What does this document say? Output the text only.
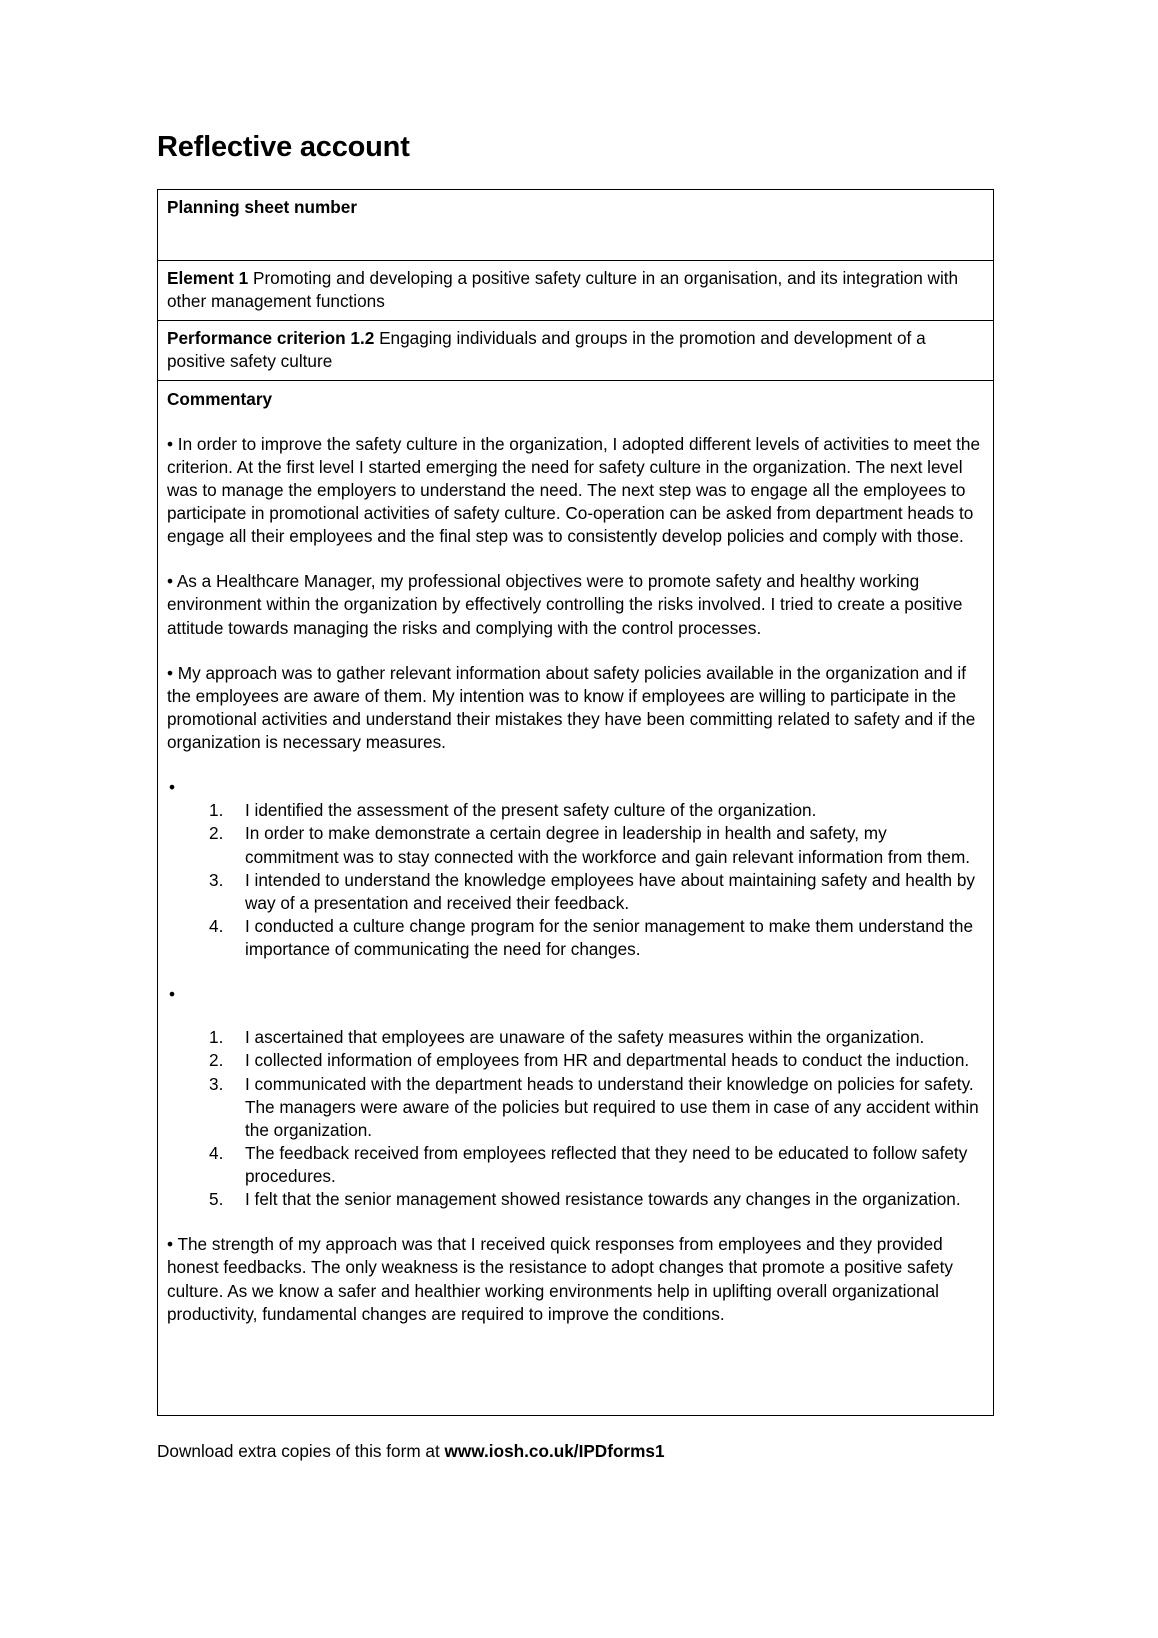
Reflective account
Planning sheet number
Element 1 Promoting and developing a positive safety culture in an organisation, and its integration with other management functions
Performance criterion 1.2 Engaging individuals and groups in the promotion and development of a positive safety culture

Commentary

• In order to improve the safety culture in the organization, I adopted different levels of activities to meet the criterion. At the first level I started emerging the need for safety culture in the organization. The next level was to manage the employers to understand the need. The next step was to engage all the employees to participate in promotional activities of safety culture. Co-operation can be asked from department heads to engage all their employees and the final step was to consistently develop policies and comply with those.

• As a Healthcare Manager, my professional objectives were to promote safety and healthy working environment within the organization by effectively controlling the risks involved. I tried to create a positive attitude towards managing the risks and complying with the control processes.

• My approach was to gather relevant information about safety policies available in the organization and if the employees are aware of them. My intention was to know if employees are willing to participate in the promotional activities and understand their mistakes they have been committing related to safety and if the organization is necessary measures.

•

I identified the assessment of the present safety culture of the organization.
In order to make demonstrate a certain degree in leadership in health and safety, my commitment was to stay connected with the workforce and gain relevant information from them.
I intended to understand the knowledge employees have about maintaining safety and health by way of a presentation and received their feedback.
I conducted a culture change program for the senior management to make them understand the importance of communicating the need for changes.

•

I ascertained that employees are unaware of the safety measures within the organization.
I collected information of employees from HR and departmental heads to conduct the induction.
I communicated with the department heads to understand their knowledge on policies for safety. The managers were aware of the policies but required to use them in case of any accident within the organization.
The feedback received from employees reflected that they need to be educated to follow safety procedures.
I felt that the senior management showed resistance towards any changes in the organization.

• The strength of my approach was that I received quick responses from employees and they provided honest feedbacks. The only weakness is the resistance to adopt changes that promote a positive safety culture. As we know a safer and healthier working environments help in uplifting overall organizational productivity, fundamental changes are required to improve the conditions.

Download extra copies of this form at www.iosh.co.uk/IPDforms1
